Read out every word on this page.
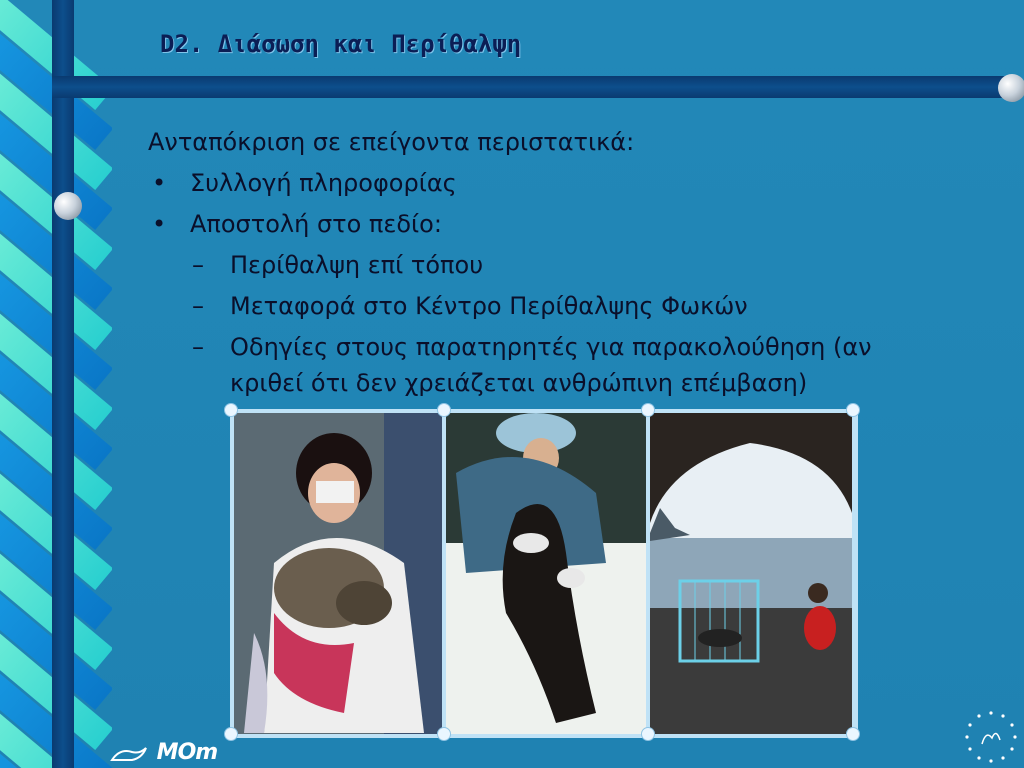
D2. Διάσωση και Περίθαλψη
Ανταπόκριση σε επείγοντα περιστατικά:
• Συλλογή πληροφορίας
• Αποστολή στο πεδίο:
– Περίθαλψη επί τόπου
– Μεταφορά στο Κέντρο Περίθαλψης Φωκών
– Οδηγίες στους παρατηρητές για παρακολούθηση (αν
κριθεί ότι δεν χρειάζεται ανθρώπινη επέμβαση)
MOm
